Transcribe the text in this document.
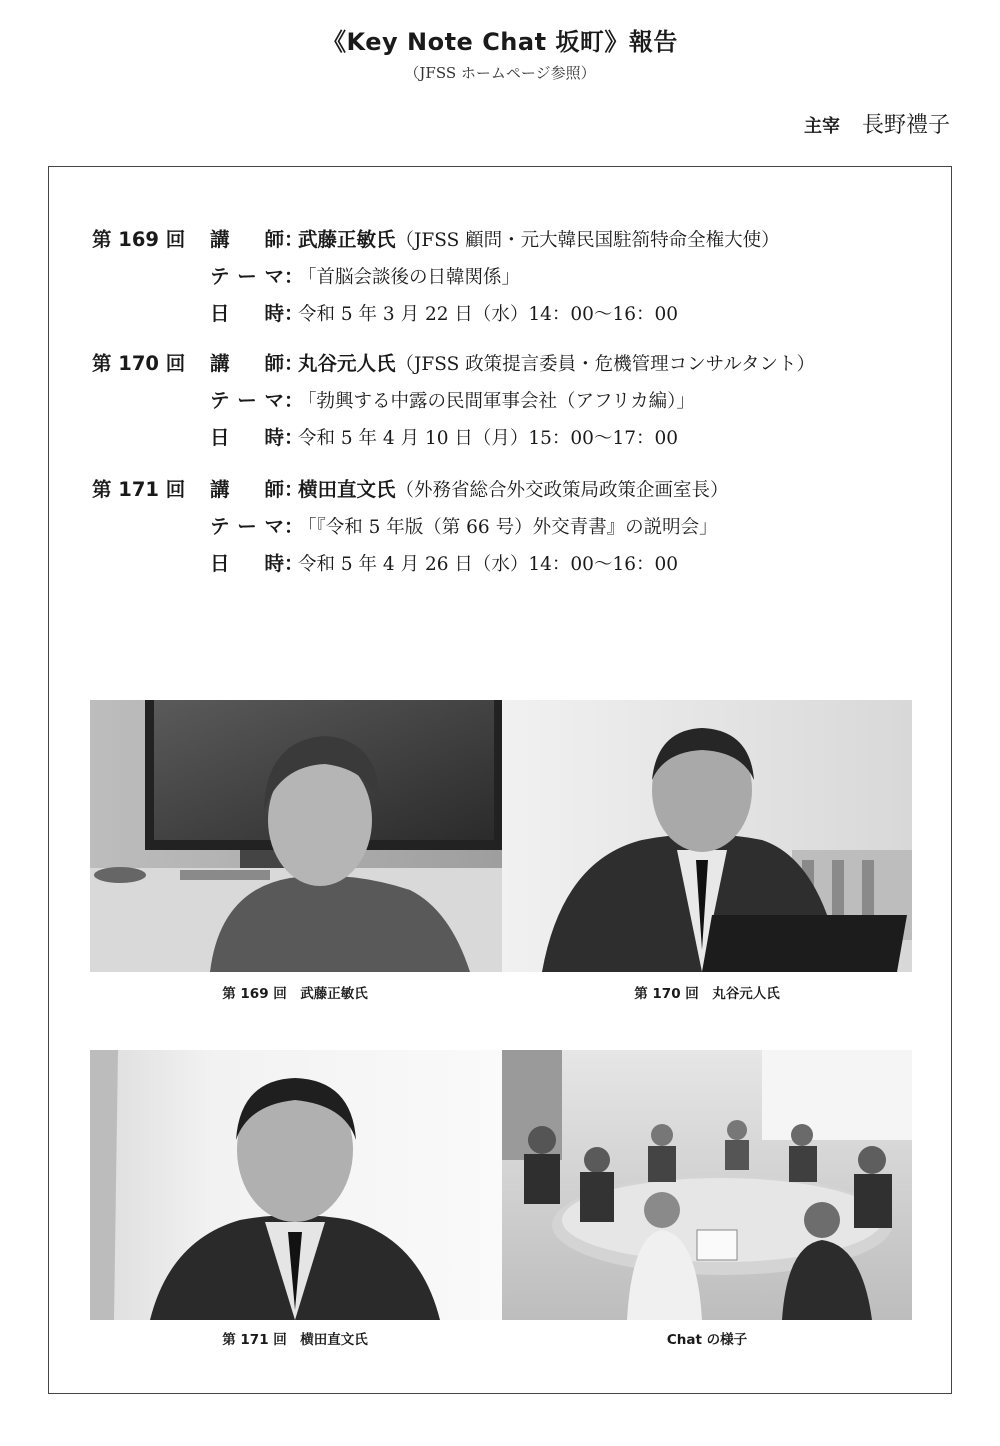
《Key Note Chat 坂町》報告
（JFSS ホームページ参照）
主宰 長野禮子
第 169 回	講　師 ：
武藤正敏氏 （JFSS 顧問・元大韓民国駐箚特命全権大使）
テーマ ：
「首脳会談後の日韓関係」
日　時 ：
令和 5 年 3 月 22 日（水）14：00〜16：00
第 170 回	講　師 ：
丸谷元人氏 （JFSS 政策提言委員・危機管理コンサルタント）
テーマ ：
「勃興する中露の民間軍事会社（アフリカ編）」
日　時 ：
令和 5 年 4 月 10 日（月）15：00〜17：00
第 171 回	講　師 ：
横田直文氏 （外務省総合外交政策局政策企画室長）
テーマ ：
「『令和 5 年版（第 66 号）外交青書』の説明会」
日　時 ：
令和 5 年 4 月 26 日（水）14：00〜16：00
第 169 回　武藤正敏氏	第 170 回　丸谷元人氏
第 171 回　横田直文氏	Chat の様子
